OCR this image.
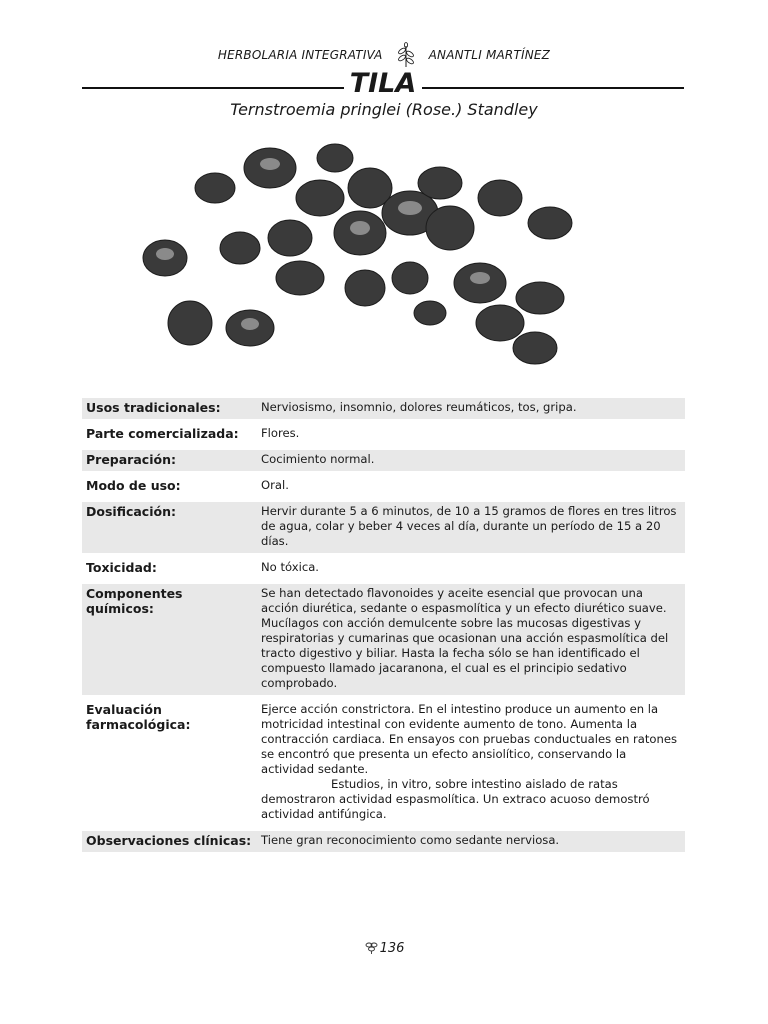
HERBOLARIA INTEGRATIVA	ANANTLI MARTÍNEZ
TILA
Ternstroemia pringlei (Rose.) Standley
Usos tradicionales:	Nerviosismo, insomnio, dolores reumáticos, tos, gripa.

Parte comercializada:	Flores.

Preparación:	Cocimiento normal.

Modo de uso:	Oral.

Dosificación:	Hervir durante 5 a 6 minutos, de 10 a 15 gramos de flores en tres litros de agua, colar y beber 4 veces al día, durante un período de 15 a 20 días.

Toxicidad:	No tóxica.

Componentes químicos:	Se han detectado flavonoides y aceite esencial que provocan una acción diurética, sedante o espasmolítica y un efecto diurético suave. Mucílagos con acción demulcente sobre las mucosas digestivas y respiratorias y cumarinas que ocasionan una acción espasmolítica del tracto digestivo y biliar. Hasta la fecha sólo se han identificado el compuesto llamado jacaranona, el cual es el principio sedativo comprobado.

Evaluación farmacológica:	Ejerce acción constrictora. En el intestino produce un aumento en la motricidad intestinal con evidente aumento de tono. Aumenta la contracción cardiaca. En ensayos con pruebas conductuales en ratones se encontró que presenta un efecto ansiolítico, conservando la actividad sedante.
Estudios, in vitro, sobre intestino aislado de ratas demostraron actividad espasmolítica. Un extraco acuoso demostró actividad antifúngica.

Observaciones clínicas:	Tiene gran reconocimiento como sedante nerviosa.
136
